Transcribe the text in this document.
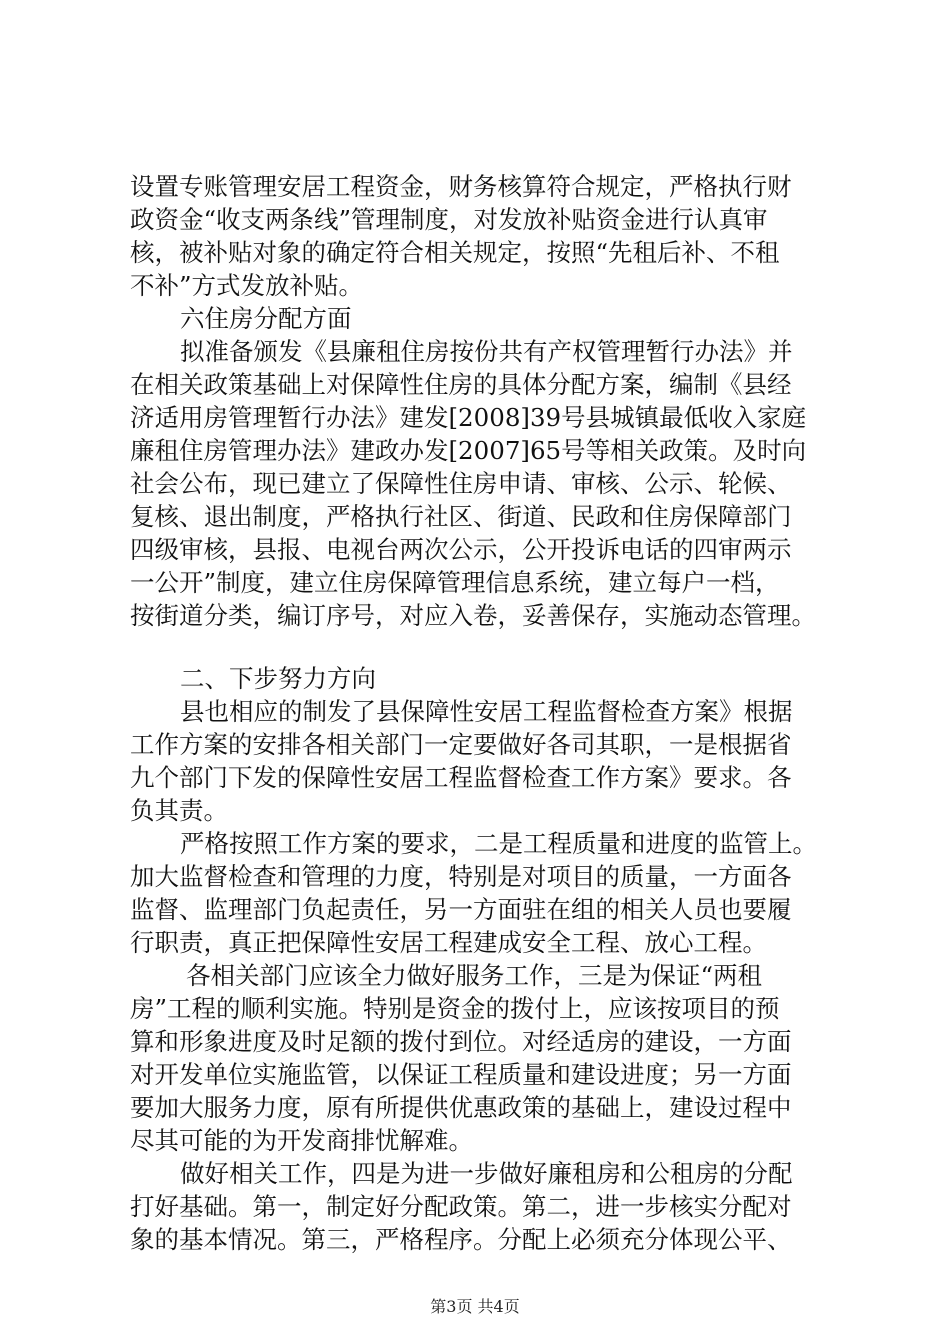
设置专账管理安居工程资金，财务核算符合规定，严格执行财
政资金“收支两条线”管理制度，对发放补贴资金进行认真审
核，被补贴对象的确定符合相关规定，按照“先租后补、不租
不补”方式发放补贴。
六住房分配方面
拟准备颁发《县廉租住房按份共有产权管理暂行办法》并
在相关政策基础上对保障性住房的具体分配方案，编制《县经
济适用房管理暂行办法》建发[2008]39号县城镇最低收入家庭
廉租住房管理办法》建政办发[2007]65号等相关政策。及时向
社会公布，现已建立了保障性住房申请、审核、公示、轮候、
复核、退出制度，严格执行社区、街道、民政和住房保障部门
四级审核，县报、电视台两次公示，公开投诉电话的四审两示
一公开”制度，建立住房保障管理信息系统，建立每户一档，
按街道分类，编订序号，对应入卷，妥善保存，实施动态管理。
二、下步努力方向
县也相应的制发了县保障性安居工程监督检查方案》根据
工作方案的安排各相关部门一定要做好各司其职，一是根据省
九个部门下发的保障性安居工程监督检查工作方案》要求。各
负其责。
严格按照工作方案的要求，二是工程质量和进度的监管上。
加大监督检查和管理的力度，特别是对项目的质量，一方面各
监督、监理部门负起责任，另一方面驻在组的相关人员也要履
行职责，真正把保障性安居工程建成安全工程、放心工程。
各相关部门应该全力做好服务工作，三是为保证“两租
房”工程的顺利实施。特别是资金的拨付上，应该按项目的预
算和形象进度及时足额的拨付到位。对经适房的建设，一方面
对开发单位实施监管，以保证工程质量和建设进度；另一方面
要加大服务力度，原有所提供优惠政策的基础上，建设过程中
尽其可能的为开发商排忧解难。
做好相关工作，四是为进一步做好廉租房和公租房的分配
打好基础。第一，制定好分配政策。第二，进一步核实分配对
象的基本情况。第三，严格程序。分配上必须充分体现公平、
第3页 共4页
